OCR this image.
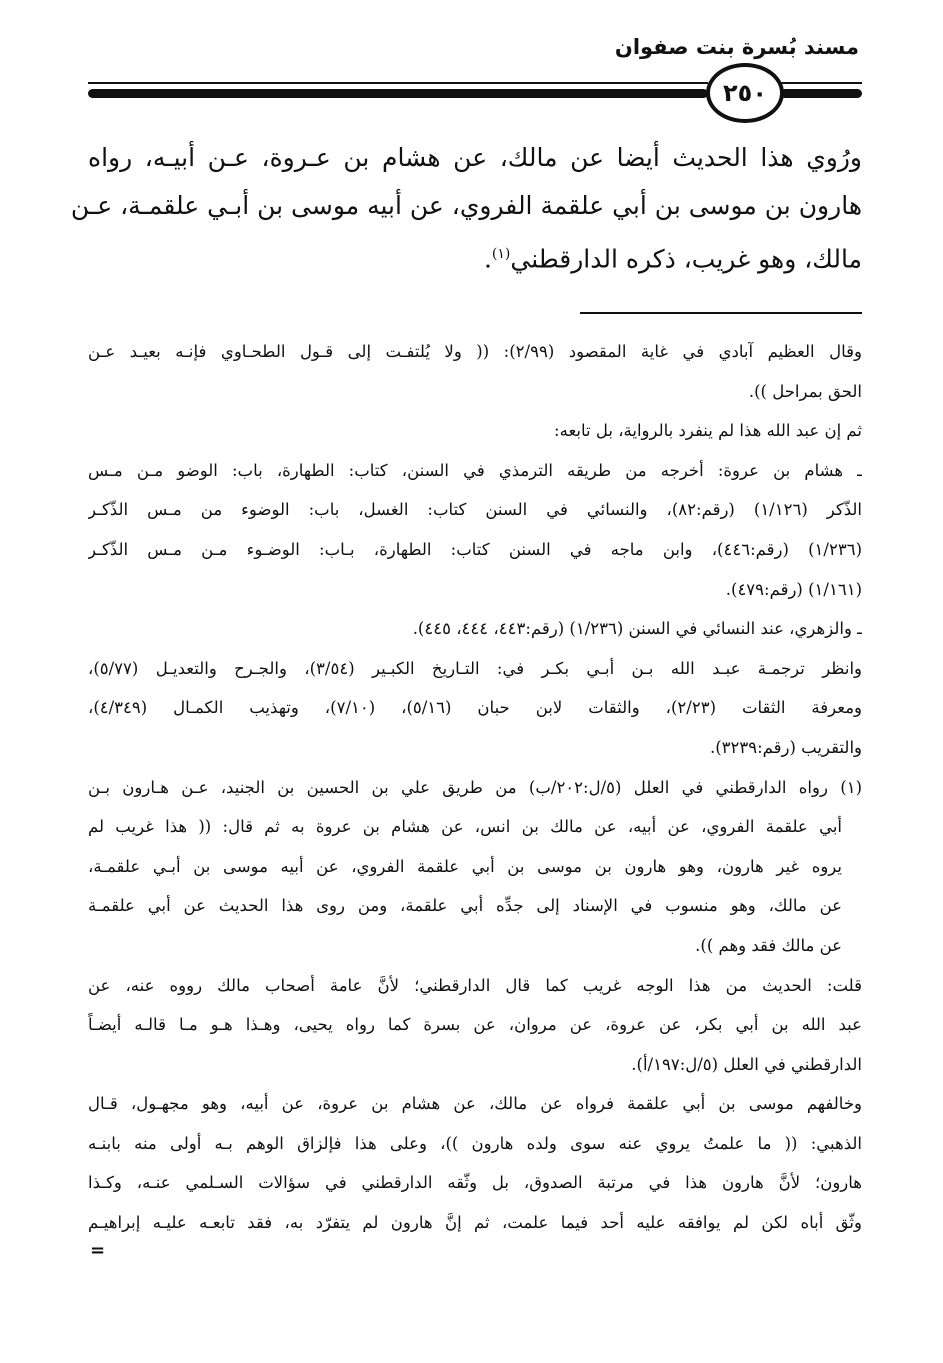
٢٥٠
مسند بُسرة بنت صفوان
ورُوي هذا الحديث أيضا عن مالك، عن هشام بن عـروة، عـن أبيـه، رواه
هارون بن موسى بن أبي علقمة الفروي، عن أبيه موسى بن أبـي علقمـة، عـن
مالك، وهو غريب، ذكره الدارقطني$^{(١)}$.
وقال العظيم آبادي في غاية المقصود (٢/٩٩): (( ولا يُلتفـت إلى قـول الطحـاوي فإنـه بعيـد عـن
الحق بمراحل )).
ثم إن عبد الله هذا لم ينفرد بالرواية، بل تابعه:
ـ هشام بن عروة: أخرجه من طريقه الترمذي في السنن، كتاب: الطهارة، باب: الوضو مـن مـس
الذّكر (١/١٢٦) (رقم:٨٢)، والنسائي في السنن كتاب: الغسل، باب: الوضوء من مـس الذّكـر
(١/٢٣٦) (رقم:٤٤٦)، وابن ماجه في السنن كتاب: الطهارة، بـاب: الوضـوء مـن مـس الذّكـر
(١/١٦١) (رقم:٤٧٩).
ـ والزهري، عند النسائي في السنن (١/٢٣٦) (رقم:٤٤٣، ٤٤٤، ٤٤٥).
وانظر ترجمـة عبـد الله بـن أبـي بكـر في: التـاريخ الكبـير (٣/٥٤)، والجـرح والتعديـل (٥/٧٧)،
ومعرفة الثقات (٢/٢٣)، والثقات لابن حبان (٥/١٦)، (٧/١٠)، وتهذيب الكمـال (٤/٣٤٩)،
والتقريب (رقم:٣٢٣٩).
(١) رواه الدارقطني في العلل (٥/ل:٢٠٢/ب) من طريق علي بن الحسين بن الجنيد، عـن هـارون بـن
أبي علقمة الفروي، عن أبيه، عن مالك بن انس، عن هشام بن عروة به ثم قال: (( هذا غريب لم
يروه غير هارون، وهو هارون بن موسى بن أبي علقمة الفروي، عن أبيه موسى بن أبـي علقمـة،
عن مالك، وهو منسوب في الإسناد إلى جدِّه أبي علقمة، ومن روى هذا الحديث عن أبي علقمـة
عن مالك فقد وهم )).
قلت: الحديث من هذا الوجه غريب كما قال الدارقطني؛ لأنَّ عامة أصحاب مالك رووه عنه، عن
عبد الله بن أبي بكر، عن عروة، عن مروان، عن بسرة كما رواه يحيى، وهـذا هـو مـا قالـه أيضـاً
الدارقطني في العلل (٥/ل:١٩٧/أ).
وخالفهم موسى بن أبي علقمة فرواه عن مالك، عن هشام بن عروة، عن أبيه، وهو مجهـول، قـال
الذهبي: (( ما علمتُ يروي عنه سوى ولده هارون ))، وعلى هذا فإلزاق الوهم بـه أولى منه بابنـه
هارون؛ لأنَّ هارون هذا في مرتبة الصدوق، بل وثّقه الدارقطني في سؤالات السـلمي عنـه، وكـذا
وثّق أباه لكن لم يوافقه عليه أحد فيما علمت، ثم إنَّ هارون لم يتفرّد به، فقد تابعـه عليـه إبراهيـم
=
